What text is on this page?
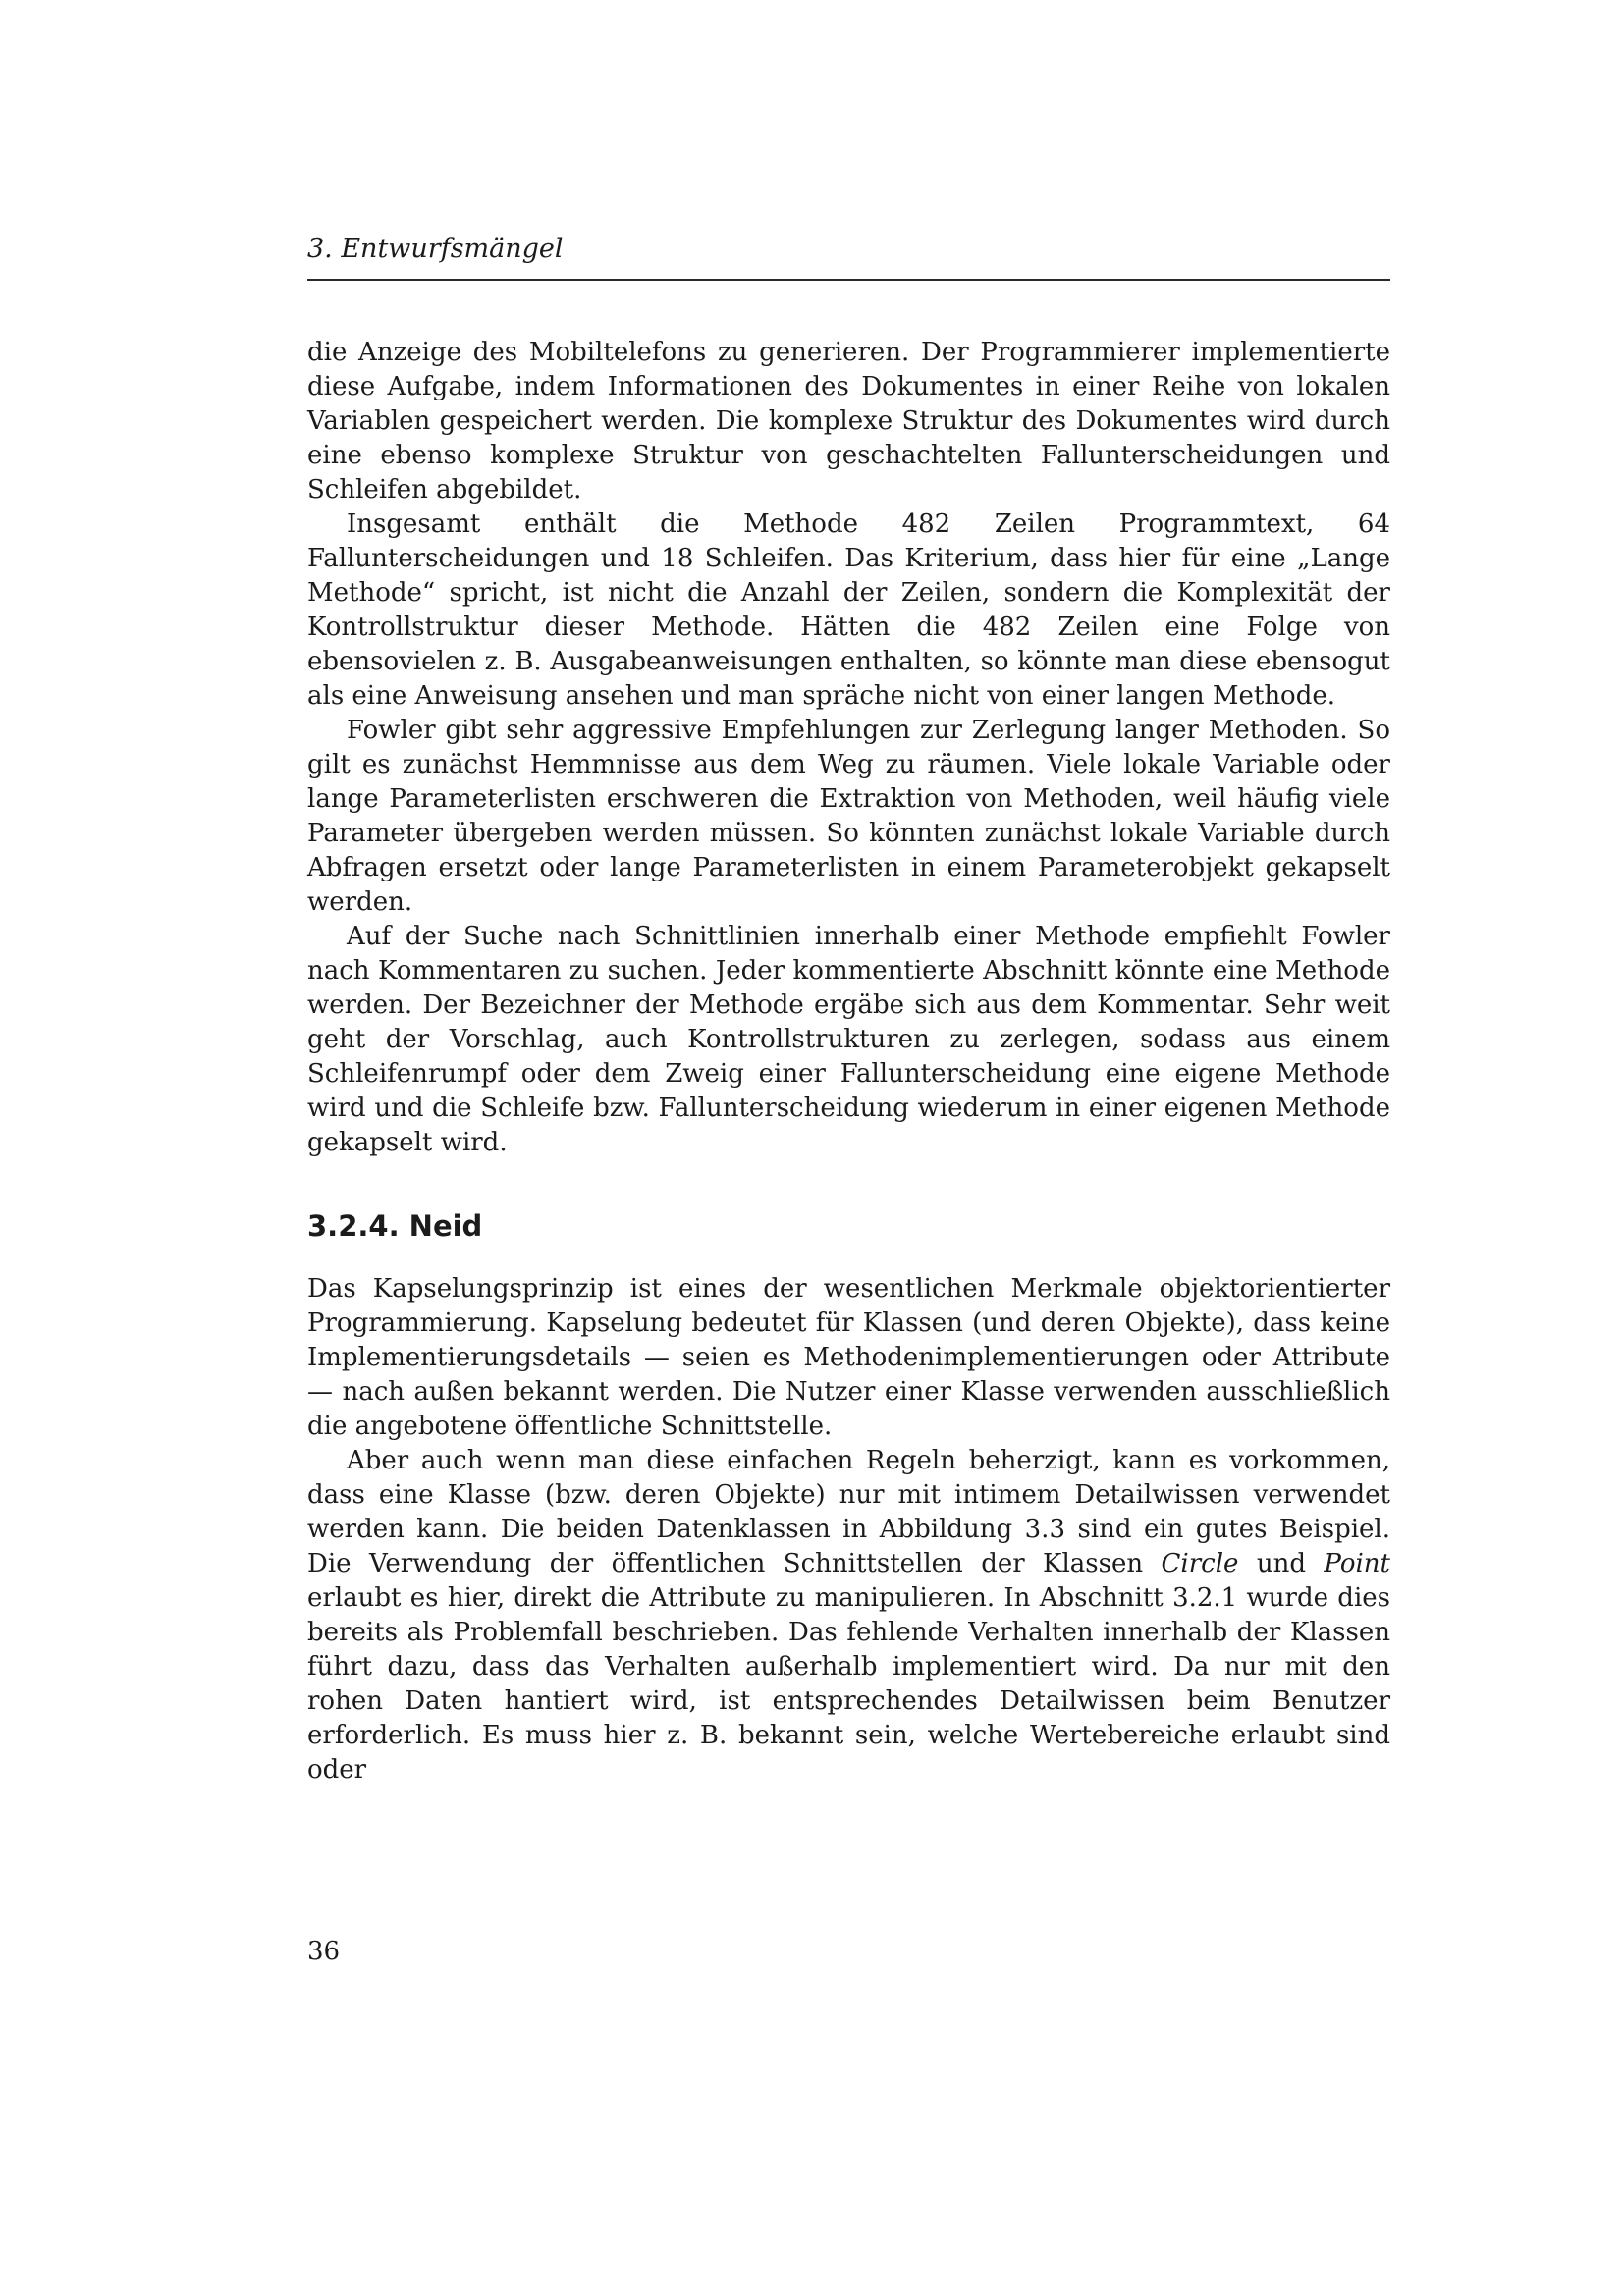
3. Entwurfsmängel

die Anzeige des Mobiltelefons zu generieren. Der Programmierer implementierte diese Aufgabe, indem Informationen des Dokumentes in einer Reihe von lokalen Variablen gespeichert werden. Die komplexe Struktur des Dokumentes wird durch eine ebenso komplexe Struktur von geschachtelten Fallunterscheidungen und Schleifen abgebildet.

Insgesamt enthält die Methode 482 Zeilen Programmtext, 64 Fallunterscheidungen und 18 Schleifen. Das Kriterium, dass hier für eine „Lange Methode“ spricht, ist nicht die Anzahl der Zeilen, sondern die Komplexität der Kontrollstruktur dieser Methode. Hätten die 482 Zeilen eine Folge von ebensovielen z. B. Ausgabeanweisungen enthalten, so könnte man diese ebensogut als eine Anweisung ansehen und man spräche nicht von einer langen Methode.

Fowler gibt sehr aggressive Empfehlungen zur Zerlegung langer Methoden. So gilt es zunächst Hemmnisse aus dem Weg zu räumen. Viele lokale Variable oder lange Parameterlisten erschweren die Extraktion von Methoden, weil häufig viele Parameter übergeben werden müssen. So könnten zunächst lokale Variable durch Abfragen ersetzt oder lange Parameterlisten in einem Parameterobjekt gekapselt werden.

Auf der Suche nach Schnittlinien innerhalb einer Methode empfiehlt Fowler nach Kommentaren zu suchen. Jeder kommentierte Abschnitt könnte eine Methode werden. Der Bezeichner der Methode ergäbe sich aus dem Kommentar. Sehr weit geht der Vorschlag, auch Kontrollstrukturen zu zerlegen, sodass aus einem Schleifenrumpf oder dem Zweig einer Fallunterscheidung eine eigene Methode wird und die Schleife bzw. Fallunterscheidung wiederum in einer eigenen Methode gekapselt wird.

3.2.4. Neid

Das Kapselungsprinzip ist eines der wesentlichen Merkmale objektorientierter Programmierung. Kapselung bedeutet für Klassen (und deren Objekte), dass keine Implementierungsdetails — seien es Methodenimplementierungen oder Attribute — nach außen bekannt werden. Die Nutzer einer Klasse verwenden ausschließlich die angebotene öffentliche Schnittstelle.

Aber auch wenn man diese einfachen Regeln beherzigt, kann es vorkommen, dass eine Klasse (bzw. deren Objekte) nur mit intimem Detailwissen verwendet werden kann. Die beiden Datenklassen in Abbildung 3.3 sind ein gutes Beispiel. Die Verwendung der öffentlichen Schnittstellen der Klassen Circle und Point erlaubt es hier, direkt die Attribute zu manipulieren. In Abschnitt 3.2.1 wurde dies bereits als Problemfall beschrieben. Das fehlende Verhalten innerhalb der Klassen führt dazu, dass das Verhalten außerhalb implementiert wird. Da nur mit den rohen Daten hantiert wird, ist entsprechendes Detailwissen beim Benutzer erforderlich. Es muss hier z. B. bekannt sein, welche Wertebereiche erlaubt sind oder

36
